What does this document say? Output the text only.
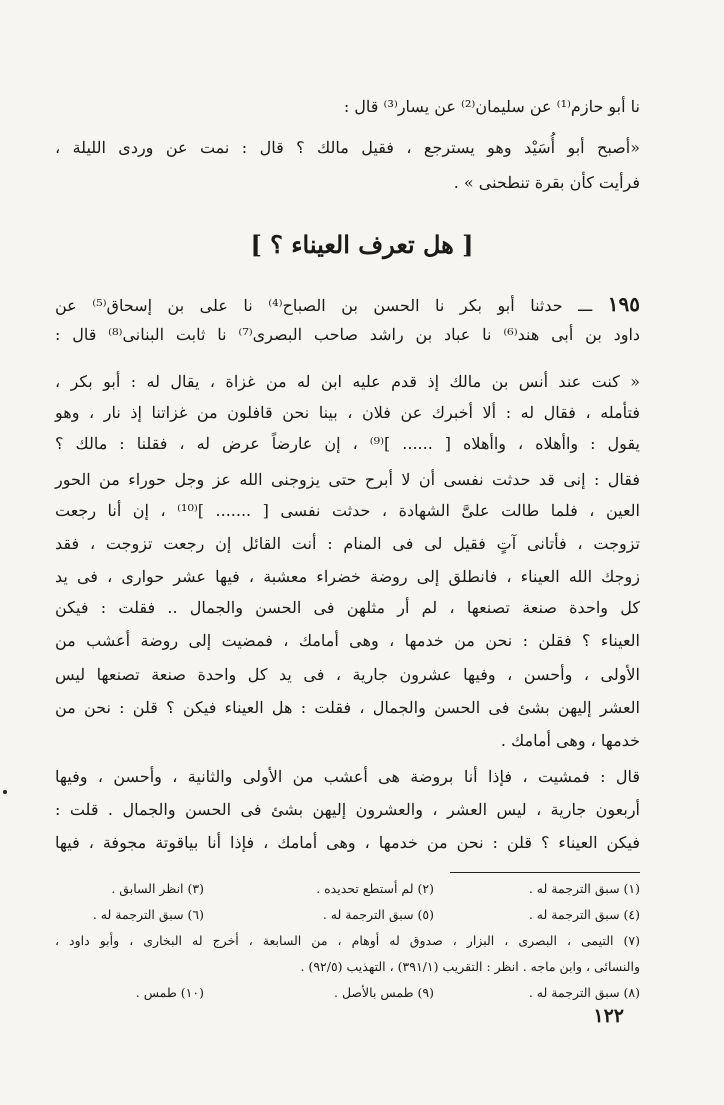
نا أبو حازم⁽¹⁾ عن سليمان⁽²⁾ عن يسار⁽³⁾ قال :
«أصبح أبو أُسَيْد وهو يسترجع ، فقيل مالك ؟ قال : نمت عن وردى الليلة ،
فرأيت كأن بقرة تنطحنى » .
[ هل تعرف العيناء ؟ ]
١٩٥ ـــ حدثنا أبو بكر نا الحسن بن الصباح⁽⁴⁾ نا على بن إسحاق⁽⁵⁾ عن
داود بن أبى هند⁽⁶⁾ نا عباد بن راشد صاحب البصرى⁽⁷⁾ نا ثابت البنانى⁽⁸⁾ قال :
« كنت عند أنس بن مالك إذ قدم عليه ابن له من غزاة ، يقال له : أبو بكر ،
فتأمله ، فقال له : ألا أخبرك عن فلان ، بينا نحن قافلون من غزاتنا إذ نار ، وهو
يقول : واأهلاه ، واأهلاه [ ...... ]⁽⁹⁾ ، إن عارضاً عرض له ، فقلنا : مالك ؟
فقال : إنى قد حدثت نفسى أن لا أبرح حتى يزوجنى الله عز وجل حوراء من الحور
العين ، فلما طالت علىَّ الشهادة ، حدثت نفسى [ ....... ]⁽¹⁰⁾ ، إن أنا رجعت
تزوجت ، فأتانى آتٍ فقيل لى فى المنام : أنت القائل إن رجعت تزوجت ، فقد
زوجك الله العيناء ، فانطلق إلى روضة خضراء معشبة ، فيها عشر حوارى ، فى يد
كل واحدة صنعة تصنعها ، لم أر مثلهن فى الحسن والجمال .. فقلت : فيكن
العيناء ؟ فقلن : نحن من خدمها ، وهى أمامك ، فمضيت إلى روضة أعشب من
الأولى ، وأحسن ، وفيها عشرون جارية ، فى يد كل واحدة صنعة تصنعها ليس
العشر إليهن بشئ فى الحسن والجمال ، فقلت : هل العيناء فيكن ؟ قلن : نحن من
خدمها ، وهى أمامك .
قال : فمشيت ، فإذا أنا بروضة هى أعشب من الأولى والثانية ، وأحسن ، وفيها
أربعون جارية ، ليس العشر ، والعشرون إليهن بشئ فى الحسن والجمال . قلت :
فيكن العيناء ؟ قلن : نحن من خدمها ، وهى أمامك ، فإذا أنا بياقوتة مجوفة ، فيها
(١) سبق الترجمة له .
(٢) لم أستطع تحديده .
(٣) انظر السابق .
(٤) سبق الترجمة له .
(٥) سبق الترجمة له .
(٦) سبق الترجمة له .
(٧) التيمى ، البصرى ، البزار ، صدوق له أوهام ، من السابعة ، أخرج له البخارى ، وأبو داود ،
والنسائى ، وابن ماجه . انظر : التقريب (٣٩١/١) ، التهذيب (٩٢/٥) .
(٨) سبق الترجمة له .
(٩) طمس بالأصل .
(١٠) طمس .
١٢٢
